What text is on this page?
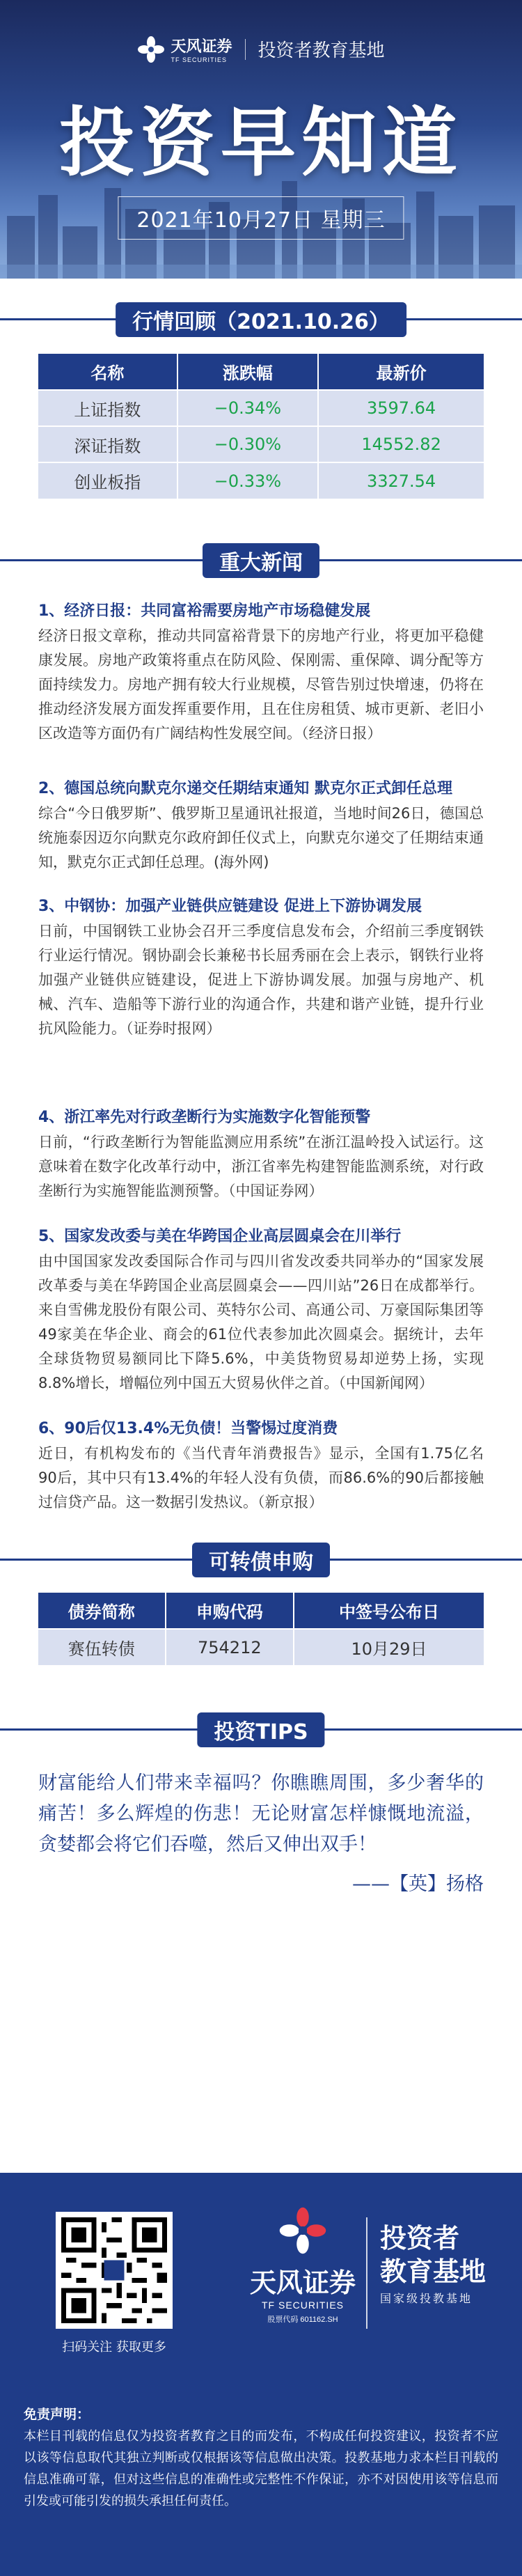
天风证券
TF SECURITIES 投资者教育基地
投资早知道
2021年10月27日 星期三
行情回顾（2021.10.26）
名称	涨跌幅	最新价
上证指数	−0.34%	3597.64
深证指数	−0.30%	14552.82
创业板指	−0.33%	3327.54
重大新闻
1、经济日报：共同富裕需要房地产市场稳健发展
经济日报文章称，推动共同富裕背景下的房地产行业，将更加平稳健康发展。房地产政策将重点在防风险、保刚需、重保障、调分配等方面持续发力。房地产拥有较大行业规模，尽管告别过快增速，仍将在推动经济发展方面发挥重要作用，且在住房租赁、城市更新、老旧小区改造等方面仍有广阔结构性发展空间。（经济日报）
2、德国总统向默克尔递交任期结束通知 默克尔正式卸任总理
综合“今日俄罗斯”、俄罗斯卫星通讯社报道，当地时间26日，德国总统施泰因迈尔向默克尔政府卸任仪式上，向默克尔递交了任期结束通知，默克尔正式卸任总理。(海外网)
3、中钢协：加强产业链供应链建设 促进上下游协调发展
日前，中国钢铁工业协会召开三季度信息发布会，介绍前三季度钢铁行业运行情况。钢协副会长兼秘书长屈秀丽在会上表示，钢铁行业将加强产业链供应链建设，促进上下游协调发展。加强与房地产、机械、汽车、造船等下游行业的沟通合作，共建和谐产业链，提升行业抗风险能力。（证券时报网）
4、浙江率先对行政垄断行为实施数字化智能预警
日前，“行政垄断行为智能监测应用系统”在浙江温岭投入试运行。这意味着在数字化改革行动中，浙江省率先构建智能监测系统，对行政垄断行为实施智能监测预警。（中国证券网）
5、国家发改委与美在华跨国企业高层圆桌会在川举行
由中国国家发改委国际合作司与四川省发改委共同举办的“国家发展改革委与美在华跨国企业高层圆桌会——四川站”26日在成都举行。来自雪佛龙股份有限公司、英特尔公司、高通公司、万豪国际集团等49家美在华企业、商会的61位代表参加此次圆桌会。据统计，去年全球货物贸易额同比下降5.6%，中美货物贸易却逆势上扬，实现8.8%增长，增幅位列中国五大贸易伙伴之首。（中国新闻网）
6、90后仅13.4%无负债！当警惕过度消费
近日，有机构发布的《当代青年消费报告》显示，全国有1.75亿名90后，其中只有13.4%的年轻人没有负债，而86.6%的90后都接触过信贷产品。这一数据引发热议。（新京报）
可转债申购
债券简称	申购代码	中签号公布日
赛伍转债	754212	10月29日
投资TIPS
财富能给人们带来幸福吗？你瞧瞧周围，多少奢华的痛苦！多么辉煌的伤悲！无论财富怎样慷慨地流溢，贪婪都会将它们吞噬，然后又伸出双手！
——【英】扬格
扫码关注 获取更多
天风证券
TF SECURITIES
股票代码 601162.SH
投资者
教育基地
国家级投教基地
免责声明：
本栏目刊载的信息仅为投资者教育之目的而发布，不构成任何投资建议，投资者不应以该等信息取代其独立判断或仅根据该等信息做出决策。投教基地力求本栏目刊载的信息准确可靠，但对这些信息的准确性或完整性不作保证，亦不对因使用该等信息而引发或可能引发的损失承担任何责任。
